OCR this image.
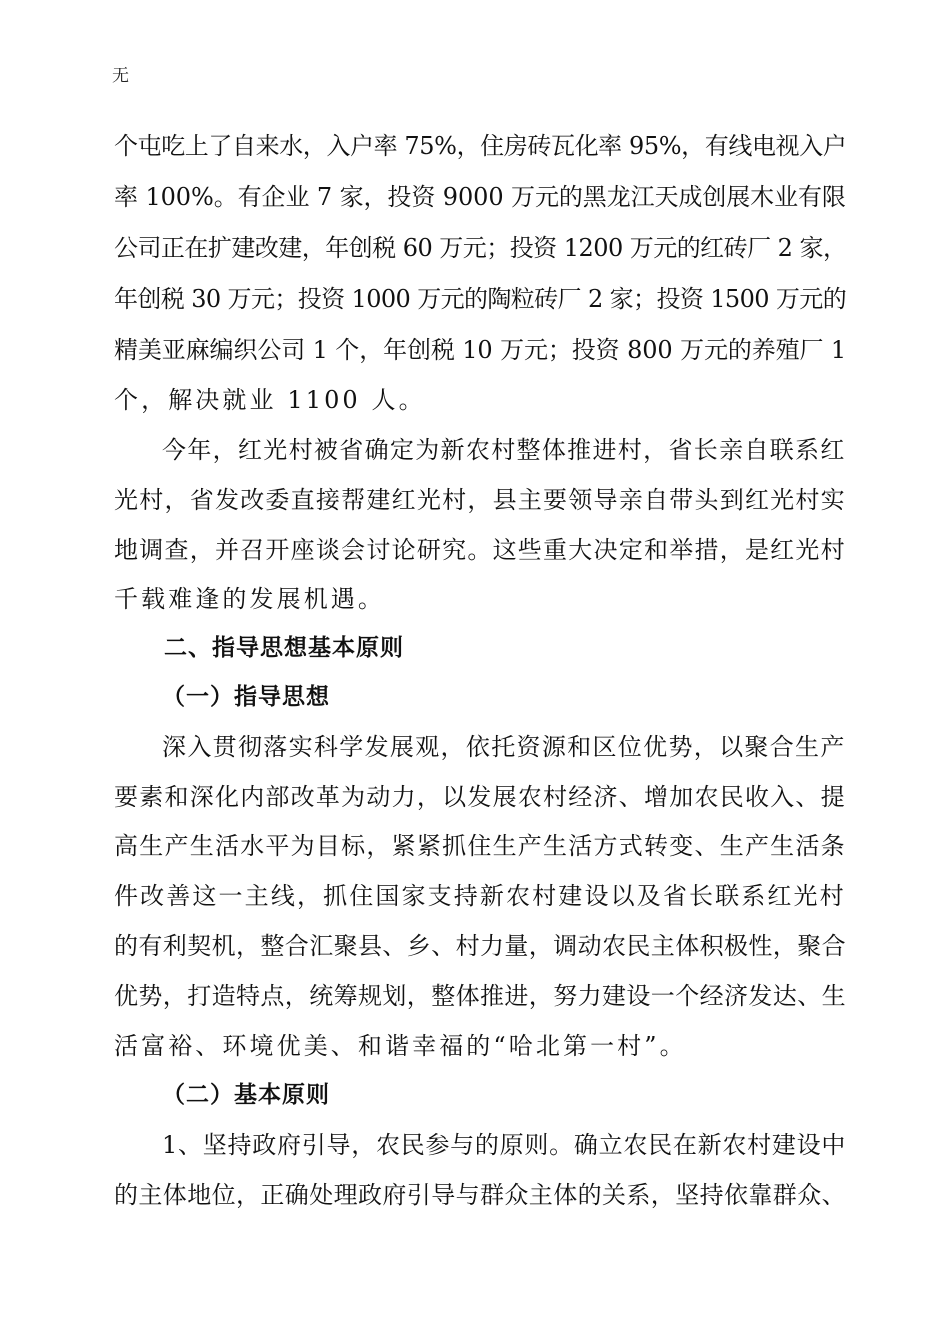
无
个屯吃上了自来水，入户率 75%，住房砖瓦化率 95%，有线电视入户
率 100%。有企业 7 家，投资 9000 万元的黑龙江天成创展木业有限
公司正在扩建改建，年创税 60 万元；投资 1200 万元的红砖厂 2 家，
年创税 30 万元；投资 1000 万元的陶粒砖厂 2 家；投资 1500 万元的
精美亚麻编织公司 1 个，年创税 10 万元；投资 800 万元的养殖厂 1
个，解决就业 1100 人。
今年，红光村被省确定为新农村整体推进村，省长亲自联系红
光村，省发改委直接帮建红光村，县主要领导亲自带头到红光村实
地调查，并召开座谈会讨论研究。这些重大决定和举措，是红光村
千载难逢的发展机遇。
二、指导思想基本原则
（一）指导思想
深入贯彻落实科学发展观，依托资源和区位优势，以聚合生产
要素和深化内部改革为动力，以发展农村经济、增加农民收入、提
高生产生活水平为目标，紧紧抓住生产生活方式转变、生产生活条
件改善这一主线，抓住国家支持新农村建设以及省长联系红光村
的有利契机，整合汇聚县、乡、村力量，调动农民主体积极性，聚合
优势，打造特点，统筹规划，整体推进，努力建设一个经济发达、生
活富裕、环境优美、和谐幸福的“哈北第一村”。
（二）基本原则
1、坚持政府引导，农民参与的原则。确立农民在新农村建设中
的主体地位，正确处理政府引导与群众主体的关系，坚持依靠群众、
